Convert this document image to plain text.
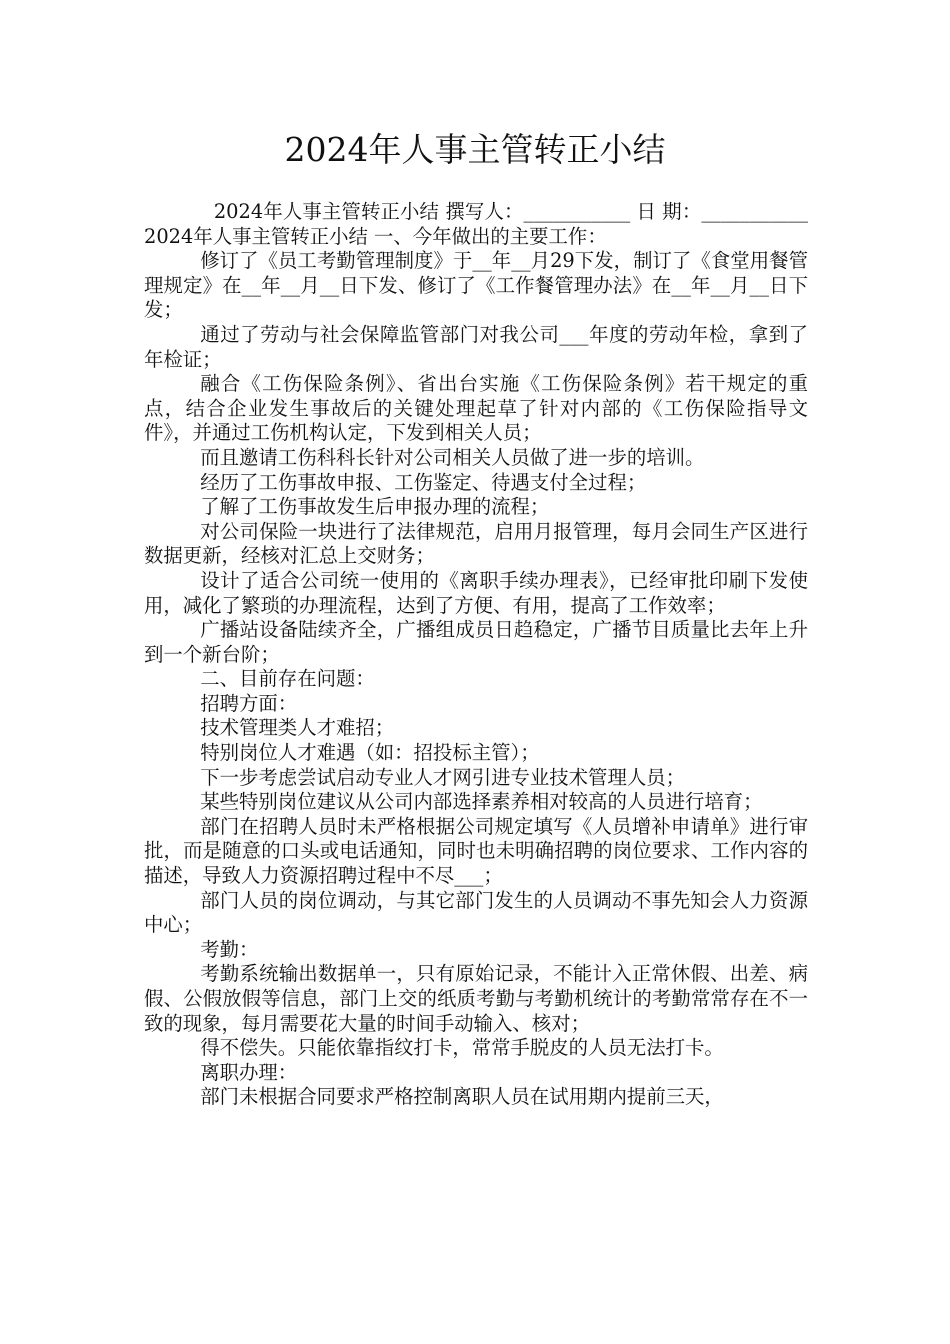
2024年人事主管转正小结

2024年人事主管转正小结 撰写人：___________ 日 期：___________ 2024年人事主管转正小结 一、今年做出的主要工作：

修订了《员工考勤管理制度》于__年__月29下发，制订了《食堂用餐管理规定》在__年__月__日下发、修订了《工作餐管理办法》在__年__月__日下发；

通过了劳动与社会保障监管部门对我公司___年度的劳动年检，拿到了年检证；

融合《工伤保险条例》、省出台实施《工伤保险条例》若干规定的重点，结合企业发生事故后的关键处理起草了针对内部的《工伤保险指导文件》，并通过工伤机构认定，下发到相关人员；

而且邀请工伤科科长针对公司相关人员做了进一步的培训。

经历了工伤事故申报、工伤鉴定、待遇支付全过程；

了解了工伤事故发生后申报办理的流程；

对公司保险一块进行了法律规范，启用月报管理，每月会同生产区进行数据更新，经核对汇总上交财务；

设计了适合公司统一使用的《离职手续办理表》，已经审批印刷下发使用，减化了繁琐的办理流程，达到了方便、有用，提高了工作效率；

广播站设备陆续齐全，广播组成员日趋稳定，广播节目质量比去年上升到一个新台阶；

二、目前存在问题：

招聘方面：

技术管理类人才难招；

特别岗位人才难遇（如：招投标主管）；

下一步考虑尝试启动专业人才网引进专业技术管理人员；

某些特别岗位建议从公司内部选择素养相对较高的人员进行培育；

部门在招聘人员时未严格根据公司规定填写《人员增补申请单》进行审批，而是随意的口头或电话通知，同时也未明确招聘的岗位要求、工作内容的描述，导致人力资源招聘过程中不尽___；

部门人员的岗位调动，与其它部门发生的人员调动不事先知会人力资源中心；

考勤：

考勤系统输出数据单一，只有原始记录，不能计入正常休假、出差、病假、公假放假等信息，部门上交的纸质考勤与考勤机统计的考勤常常存在不一致的现象，每月需要花大量的时间手动输入、核对；

得不偿失。只能依靠指纹打卡，常常手脱皮的人员无法打卡。

离职办理：

部门未根据合同要求严格控制离职人员在试用期内提前三天，
